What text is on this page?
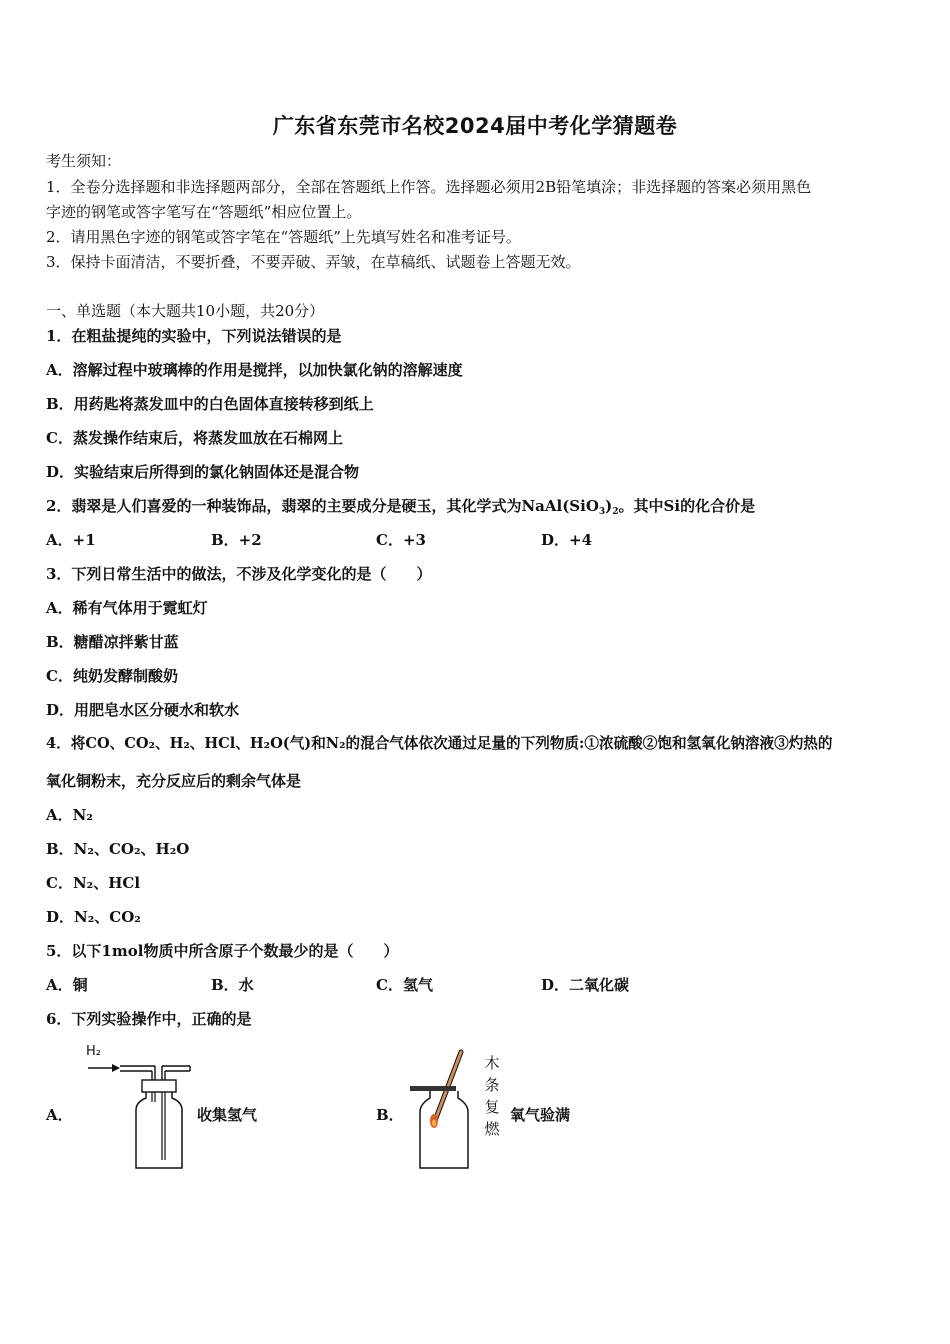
广东省东莞市名校2024届中考化学猜题卷
考生须知：
1．全卷分选择题和非选择题两部分，全部在答题纸上作答。选择题必须用2B铅笔填涂；非选择题的答案必须用黑色
字迹的钢笔或答字笔写在“答题纸”相应位置上。
2．请用黑色字迹的钢笔或答字笔在“答题纸”上先填写姓名和准考证号。
3．保持卡面清洁，不要折叠，不要弄破、弄皱，在草稿纸、试题卷上答题无效。
一、单选题（本大题共10小题，共20分）
1．在粗盐提纯的实验中，下列说法错误的是
A．溶解过程中玻璃棒的作用是搅拌，以加快氯化钠的溶解速度
B．用药匙将蒸发皿中的白色固体直接转移到纸上
C．蒸发操作结束后，将蒸发皿放在石棉网上
D．实验结束后所得到的氯化钠固体还是混合物
2．翡翠是人们喜爱的一种装饰品，翡翠的主要成分是硬玉，其化学式为$NaAl(SiO_3)_2$。其中Si的化合价是
A．+1	B．+2	C．+3	D．+4
3．下列日常生活中的做法，不涉及化学变化的是（　　）
A．稀有气体用于霓虹灯
B．糖醋凉拌紫甘蓝
C．纯奶发酵制酸奶
D．用肥皂水区分硬水和软水
4．将CO、CO₂、H₂、HCl、H₂O(气)和N₂的混合气体依次通过足量的下列物质:①浓硫酸②饱和氢氧化钠溶液③灼热的
氧化铜粉末，充分反应后的剩余气体是
A．N₂
B．N₂、CO₂、H₂O
C．N₂、HCl
D．N₂、CO₂
5．以下1mol物质中所含原子个数最少的是（　　）
A．铜	B．水	C．氢气	D．二氧化碳
6．下列实验操作中，正确的是
A．
H₂
收集氢气	B．
木
条
复
燃
氧气验满
